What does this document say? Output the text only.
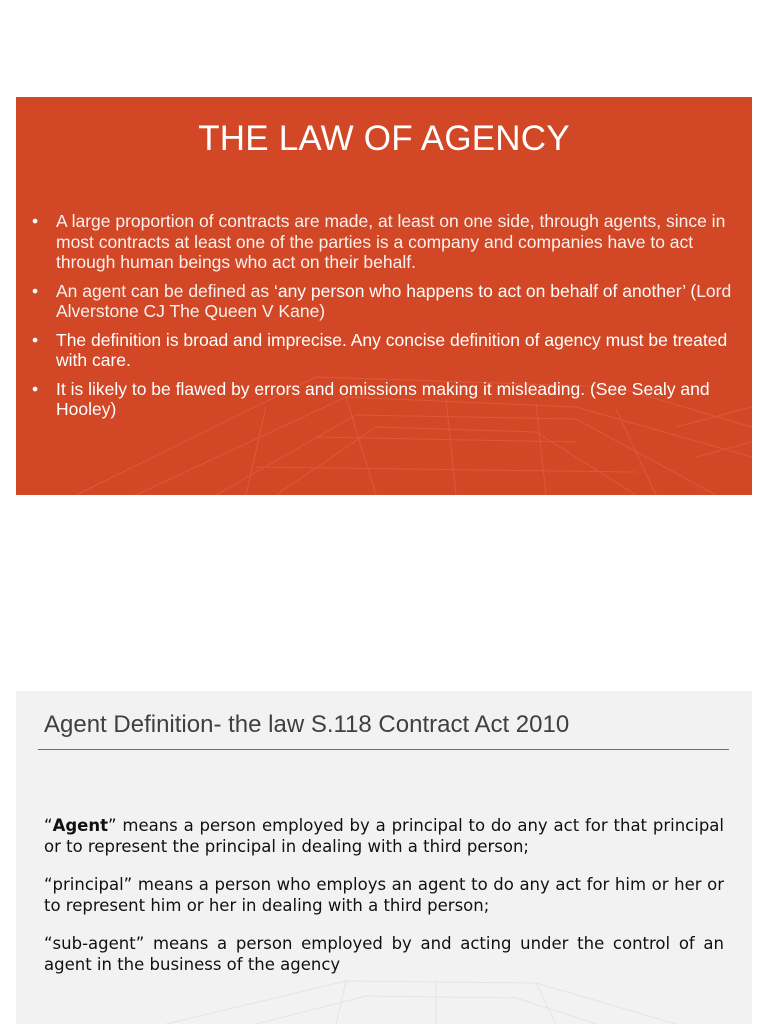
THE LAW OF AGENCY
• A large proportion of contracts are made, at least on one side, through agents, since in most contracts at least one of the parties is a company and companies have to act through human beings who act on their behalf.
• An agent can be defined as ‘any person who happens to act on behalf of another’ (Lord Alverstone CJ The Queen V Kane)
• The definition is broad and imprecise. Any concise definition of agency must be treated with care.
• It is likely to be flawed by errors and omissions making it misleading. (See Sealy and Hooley)
Agent Definition- the law S.118 Contract Act 2010

“Agent” means a person employed by a principal to do any act for that principal or to represent the principal in dealing with a third person;

“principal” means a person who employs an agent to do any act for him or her or to represent him or her in dealing with a third person;

“sub-agent” means a person employed by and acting under the control of an agent in the business of the agency
